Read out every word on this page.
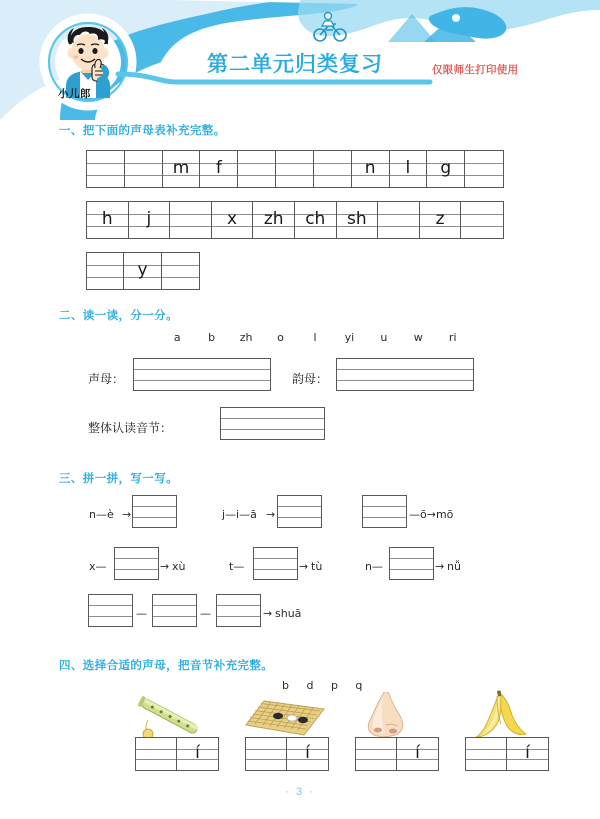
第二单元归类复习	仅限师生打印使用
小儿郎
一、把下面的声母表补充完整。
m f	n l g
h j	x zh ch sh	z
y
二、读一读，分一分。
a	b	zh	o	l	yi	u	w	ri
声母：	韵母：
整体认读音节：
三、拼一拼，写一写。
n—è →	j—i—ā →	—ō→mō
x—	→ xù	t—	→ tù	n—	→ nǚ
—	—	→ shuā
四、选择合适的声母，把音节补充完整。
b d p q
í	í	í	í
· 3 ·
